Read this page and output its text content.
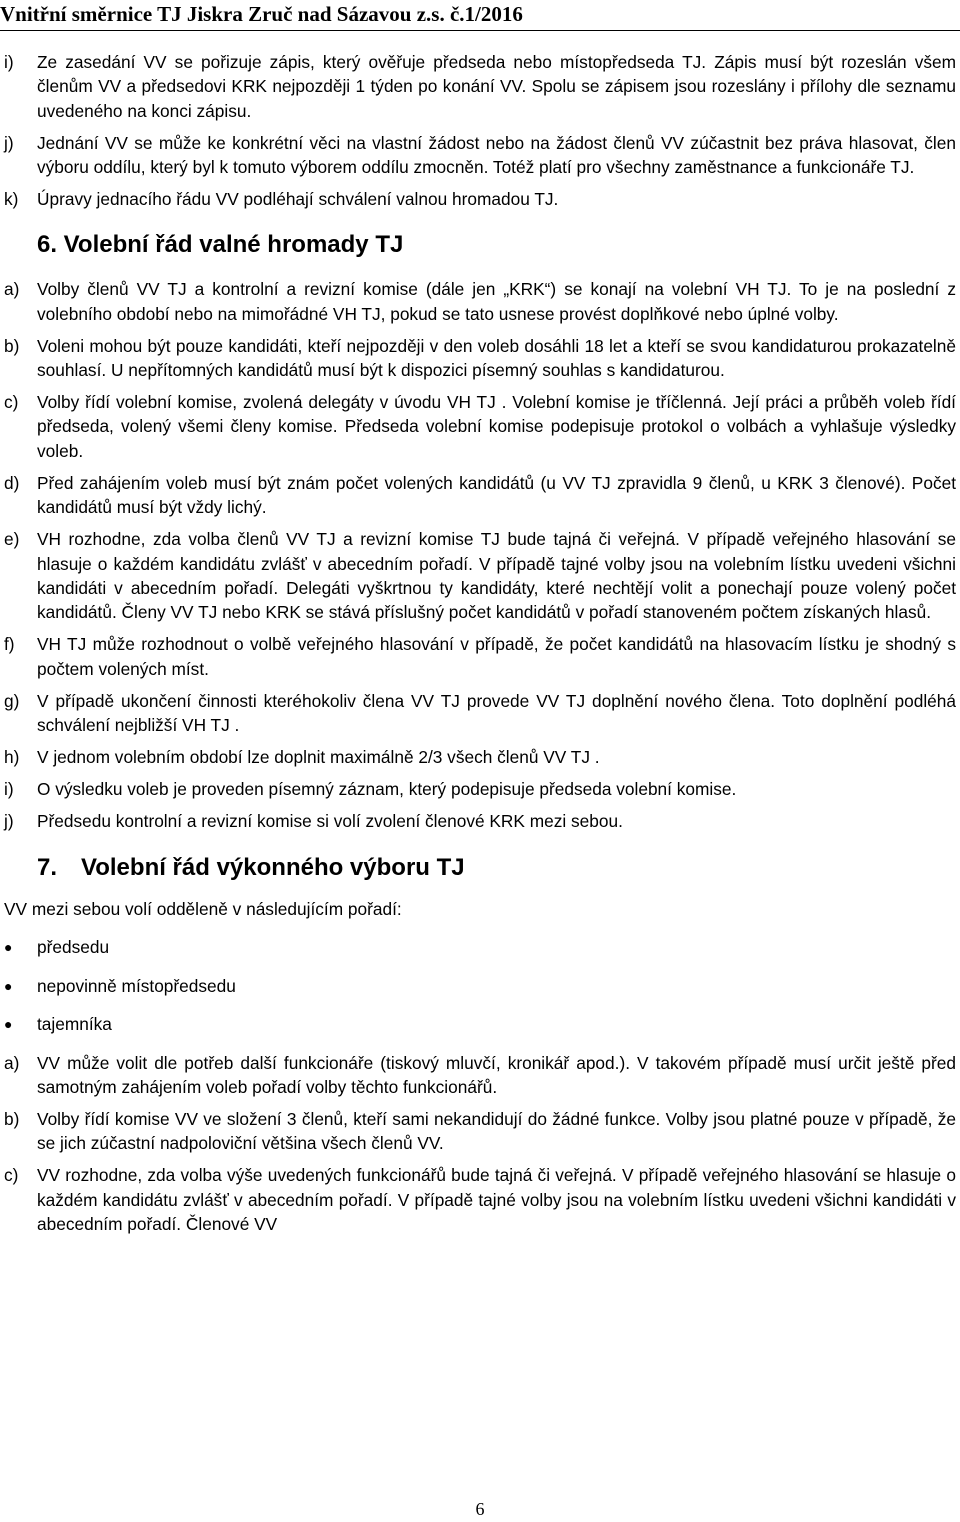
Vnitřní směrnice TJ Jiskra Zruč nad Sázavou z.s. č.1/2016
i)	Ze zasedání VV se pořizuje zápis, který ověřuje předseda nebo místopředseda TJ. Zápis musí být rozeslán všem členům VV a předsedovi KRK nejpozději 1 týden po konání VV. Spolu se zápisem jsou rozeslány i přílohy dle seznamu uvedeného na konci zápisu.
j)	Jednání VV se může ke konkrétní věci na vlastní žádost nebo na žádost členů VV zúčastnit bez práva hlasovat, člen výboru oddílu, který byl k tomuto výborem oddílu zmocněn. Totéž platí pro všechny zaměstnance a funkcionáře TJ.
k)	Úpravy jednacího řádu VV podléhají schválení valnou hromadou TJ.
6. Volební řád valné hromady TJ
a)	Volby členů VV TJ a kontrolní a revizní komise (dále jen „KRK“) se konají na volební VH TJ. To je na poslední z volebního období nebo na mimořádné VH TJ, pokud se tato usnese provést doplňkové nebo úplné volby.
b)	Voleni mohou být pouze kandidáti, kteří nejpozději v den voleb dosáhli 18 let a kteří se svou kandidaturou prokazatelně souhlasí. U nepřítomných kandidátů musí být k dispozici písemný souhlas s kandidaturou.
c)	Volby řídí volební komise, zvolená delegáty v úvodu VH TJ . Volební komise je tříčlenná. Její práci a průběh voleb řídí předseda, volený všemi členy komise. Předseda volební komise podepisuje protokol o volbách a vyhlašuje výsledky voleb.
d)	Před zahájením voleb musí být znám počet volených kandidátů (u VV TJ zpravidla 9 členů, u KRK 3 členové). Počet kandidátů musí být vždy lichý.
e)	VH rozhodne, zda volba členů VV TJ a revizní komise TJ bude tajná či veřejná. V případě veřejného hlasování se hlasuje o každém kandidátu zvlášť v abecedním pořadí. V případě tajné volby jsou na volebním lístku uvedeni všichni kandidáti v abecedním pořadí. Delegáti vyškrtnou ty kandidáty, které nechtějí volit a ponechají pouze volený počet kandidátů. Členy VV TJ nebo KRK se stává příslušný počet kandidátů v pořadí stanoveném počtem získaných hlasů.
f)	VH TJ může rozhodnout o volbě veřejného hlasování v případě, že počet kandidátů na hlasovacím lístku je shodný s počtem volených míst.
g)	V případě ukončení činnosti kteréhokoliv člena VV TJ provede VV TJ doplnění nového člena. Toto doplnění podléhá schválení nejbližší VH TJ .
h)	V jednom volebním období lze doplnit maximálně 2/3 všech členů VV TJ .
i)	O výsledku voleb je proveden písemný záznam, který podepisuje předseda volební komise.
j)	Předsedu kontrolní a revizní komise si volí zvolení členové KRK mezi sebou.
7. Volební řád výkonného výboru TJ
VV mezi sebou volí odděleně v následujícím pořadí:
●	předsedu
●	nepovinně místopředsedu
●	tajemníka
a)	VV může volit dle potřeb další funkcionáře (tiskový mluvčí, kronikář apod.). V takovém případě musí určit ještě před samotným zahájením voleb pořadí volby těchto funkcionářů.
b)	Volby řídí komise VV ve složení 3 členů, kteří sami nekandidují do žádné funkce. Volby jsou platné pouze v případě, že se jich zúčastní nadpoloviční většina všech členů VV.
c)	VV rozhodne, zda volba výše uvedených funkcionářů bude tajná či veřejná. V případě veřejného hlasování se hlasuje o každém kandidátu zvlášť v abecedním pořadí. V případě tajné volby jsou na volebním lístku uvedeni všichni kandidáti v abecedním pořadí. Členové VV
6
